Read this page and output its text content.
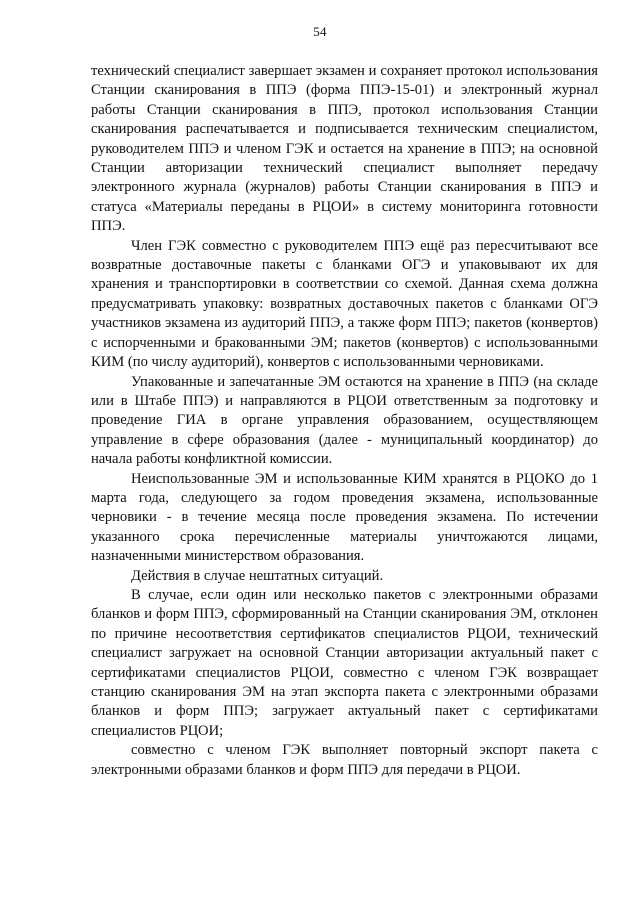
54

технический специалист завершает экзамен и сохраняет протокол использования Станции сканирования в ППЭ (форма ППЭ-15-01) и электронный журнал работы Станции сканирования в ППЭ, протокол использования Станции сканирования распечатывается и подписывается техническим специалистом, руководителем ППЭ и членом ГЭК и остается на хранение в ППЭ; на основной Станции авторизации технический специалист выполняет передачу электронного журнала (журналов) работы Станции сканирования в ППЭ и статуса «Материалы переданы в РЦОИ» в систему мониторинга готовности ППЭ.

Член ГЭК совместно с руководителем ППЭ ещё раз пересчитывают все возвратные доставочные пакеты с бланками ОГЭ и упаковывают их для хранения и транспортировки в соответствии со схемой. Данная схема должна предусматривать упаковку: возвратных доставочных пакетов с бланками ОГЭ участников экзамена из аудиторий ППЭ, а также форм ППЭ; пакетов (конвертов) с испорченными и бракованными ЭМ; пакетов (конвертов) с использованными КИМ (по числу аудиторий), конвертов с использованными черновиками.

Упакованные и запечатанные ЭМ остаются на хранение в ППЭ (на складе или в Штабе ППЭ) и направляются в РЦОИ ответственным за подготовку и проведение ГИА в органе управления образованием, осуществляющем управление в сфере образования (далее - муниципальный координатор) до начала работы конфликтной комиссии.

Неиспользованные ЭМ и использованные КИМ хранятся в РЦОКО до 1 марта года, следующего за годом проведения экзамена, использованные черновики - в течение месяца после проведения экзамена. По истечении указанного срока перечисленные материалы уничтожаются лицами, назначенными министерством образования.

Действия в случае нештатных ситуаций.

В случае, если один или несколько пакетов с электронными образами бланков и форм ППЭ, сформированный на Станции сканирования ЭМ, отклонен по причине несоответствия сертификатов специалистов РЦОИ, технический специалист загружает на основной Станции авторизации актуальный пакет с сертификатами специалистов РЦОИ, совместно с членом ГЭК возвращает станцию сканирования ЭМ на этап экспорта пакета с электронными образами бланков и форм ППЭ; загружает актуальный пакет с сертификатами специалистов РЦОИ;

совместно с членом ГЭК выполняет повторный экспорт пакета с электронными образами бланков и форм ППЭ для передачи в РЦОИ.
